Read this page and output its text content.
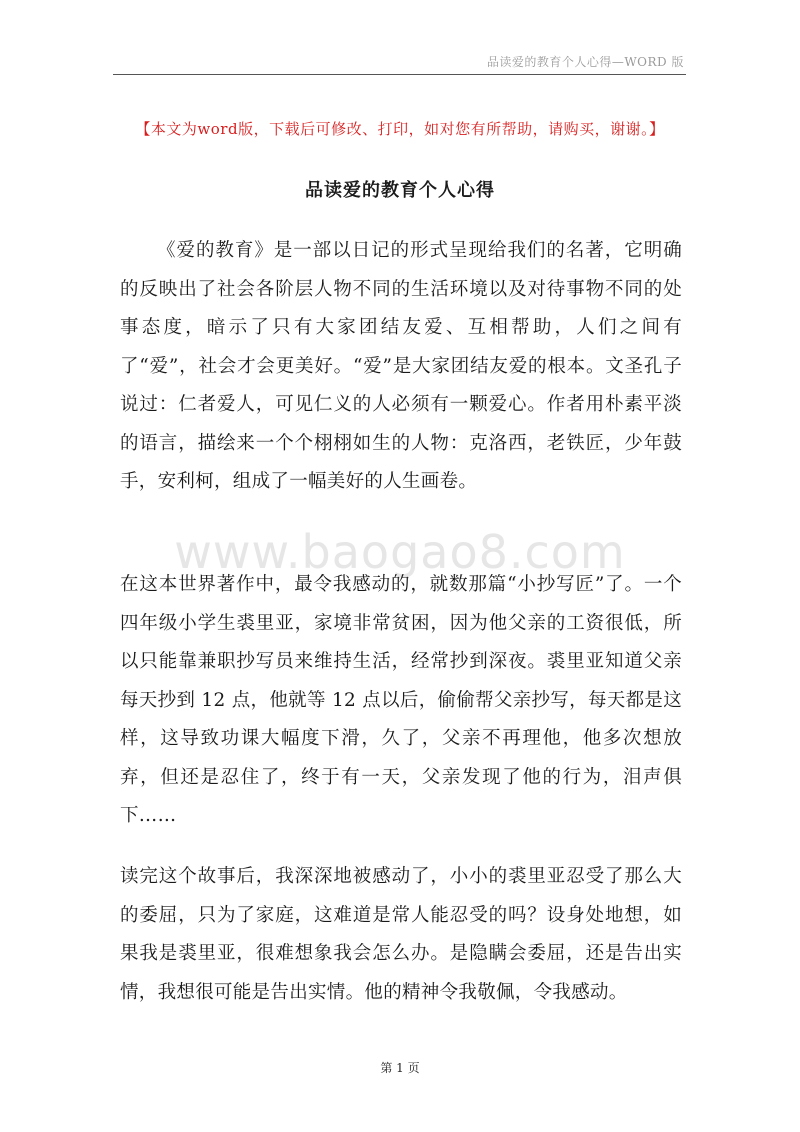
品读爱的教育个人心得—WORD 版
【本文为word版，下载后可修改、打印，如对您有所帮助，请购买，谢谢。】
品读爱的教育个人心得
www.baogao8.com

《爱的教育》是一部以日记的形式呈现给我们的名著，它明确的反映出了社会各阶层人物不同的生活环境以及对待事物不同的处事态度，暗示了只有大家团结友爱、互相帮助，人们之间有了“爱”，社会才会更美好。“爱”是大家团结友爱的根本。文圣孔子说过：仁者爱人，可见仁义的人必须有一颗爱心。作者用朴素平淡的语言，描绘来一个个栩栩如生的人物：克洛西，老铁匠，少年鼓手，安利柯，组成了一幅美好的人生画卷。

在这本世界著作中，最令我感动的，就数那篇“小抄写匠”了。一个四年级小学生裘里亚，家境非常贫困，因为他父亲的工资很低，所以只能靠兼职抄写员来维持生活，经常抄到深夜。裘里亚知道父亲每天抄到 12 点，他就等 12 点以后，偷偷帮父亲抄写，每天都是这样，这导致功课大幅度下滑，久了，父亲不再理他，他多次想放弃，但还是忍住了，终于有一天，父亲发现了他的行为，泪声俱下……

读完这个故事后，我深深地被感动了，小小的裘里亚忍受了那么大的委屈，只为了家庭，这难道是常人能忍受的吗？设身处地想，如果我是裘里亚，很难想象我会怎么办。是隐瞒会委屈，还是告出实情，我想很可能是告出实情。他的精神令我敬佩，令我感动。

第 1 页
